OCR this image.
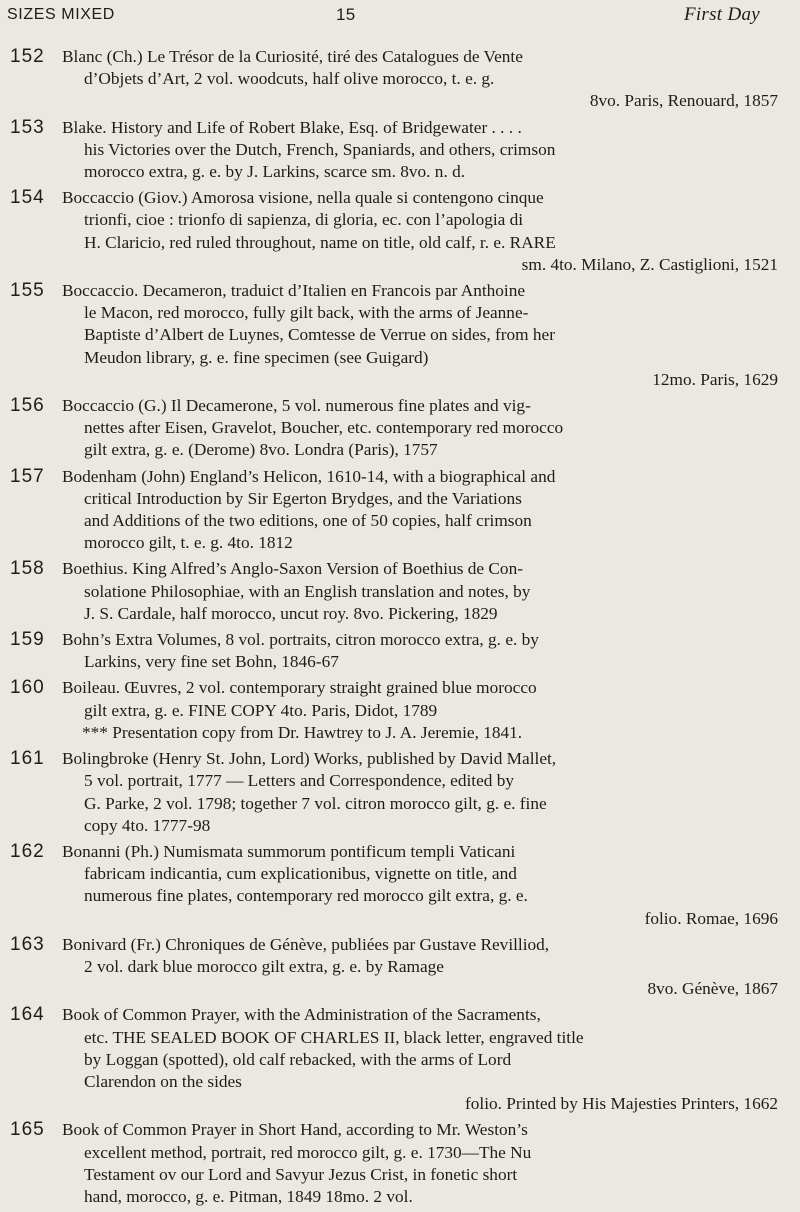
SIZES MIXED	15	First Day
152 Blanc (Ch.) Le Trésor de la Curiosité, tiré des Catalogues de Vente
d’Objets d’Art, 2 vol. woodcuts, half olive morocco, t. e. g.
8vo. Paris, Renouard, 1857
153 Blake. History and Life of Robert Blake, Esq. of Bridgewater . . . .
his Victories over the Dutch, French, Spaniards, and others, crimson
morocco extra, g. e. by J. Larkins, scarce sm. 8vo. n. d.
154 Boccaccio (Giov.) Amorosa visione, nella quale si contengono cinque
trionfi, cioe : trionfo di sapienza, di gloria, ec. con l’apologia di
H. Claricio, red ruled throughout, name on title, old calf, r. e. RARE
sm. 4to. Milano, Z. Castiglioni, 1521
155 Boccaccio. Decameron, traduict d’Italien en Francois par Anthoine
le Macon, red morocco, fully gilt back, with the arms of Jeanne-
Baptiste d’Albert de Luynes, Comtesse de Verrue on sides, from her
Meudon library, g. e. fine specimen (see Guigard)
12mo. Paris, 1629
156 Boccaccio (G.) Il Decamerone, 5 vol. numerous fine plates and vig-
nettes after Eisen, Gravelot, Boucher, etc. contemporary red morocco
gilt extra, g. e. (Derome) 8vo. Londra (Paris), 1757
157 Bodenham (John) England’s Helicon, 1610-14, with a biographical and
critical Introduction by Sir Egerton Brydges, and the Variations
and Additions of the two editions, one of 50 copies, half crimson
morocco gilt, t. e. g. 4to. 1812
158 Boethius. King Alfred’s Anglo-Saxon Version of Boethius de Con-
solatione Philosophiae, with an English translation and notes, by
J. S. Cardale, half morocco, uncut roy. 8vo. Pickering, 1829
159 Bohn’s Extra Volumes, 8 vol. portraits, citron morocco extra, g. e. by
Larkins, very fine set Bohn, 1846-67
160 Boileau. Œuvres, 2 vol. contemporary straight grained blue morocco
gilt extra, g. e. FINE COPY 4to. Paris, Didot, 1789
*** Presentation copy from Dr. Hawtrey to J. A. Jeremie, 1841.
161 Bolingbroke (Henry St. John, Lord) Works, published by David Mallet,
5 vol. portrait, 1777 — Letters and Correspondence, edited by
G. Parke, 2 vol. 1798; together 7 vol. citron morocco gilt, g. e. fine
copy 4to. 1777-98
162 Bonanni (Ph.) Numismata summorum pontificum templi Vaticani
fabricam indicantia, cum explicationibus, vignette on title, and
numerous fine plates, contemporary red morocco gilt extra, g. e.
folio. Romae, 1696
163 Bonivard (Fr.) Chroniques de Génève, publiées par Gustave Revilliod,
2 vol. dark blue morocco gilt extra, g. e. by Ramage
8vo. Génève, 1867
164 Book of Common Prayer, with the Administration of the Sacraments,
etc. THE SEALED BOOK OF CHARLES II, black letter, engraved title
by Loggan (spotted), old calf rebacked, with the arms of Lord
Clarendon on the sides
folio. Printed by His Majesties Printers, 1662
165 Book of Common Prayer in Short Hand, according to Mr. Weston’s
excellent method, portrait, red morocco gilt, g. e. 1730—The Nu
Testament ov our Lord and Savyur Jezus Crist, in fonetic short
hand, morocco, g. e. Pitman, 1849 18mo. 2 vol.
